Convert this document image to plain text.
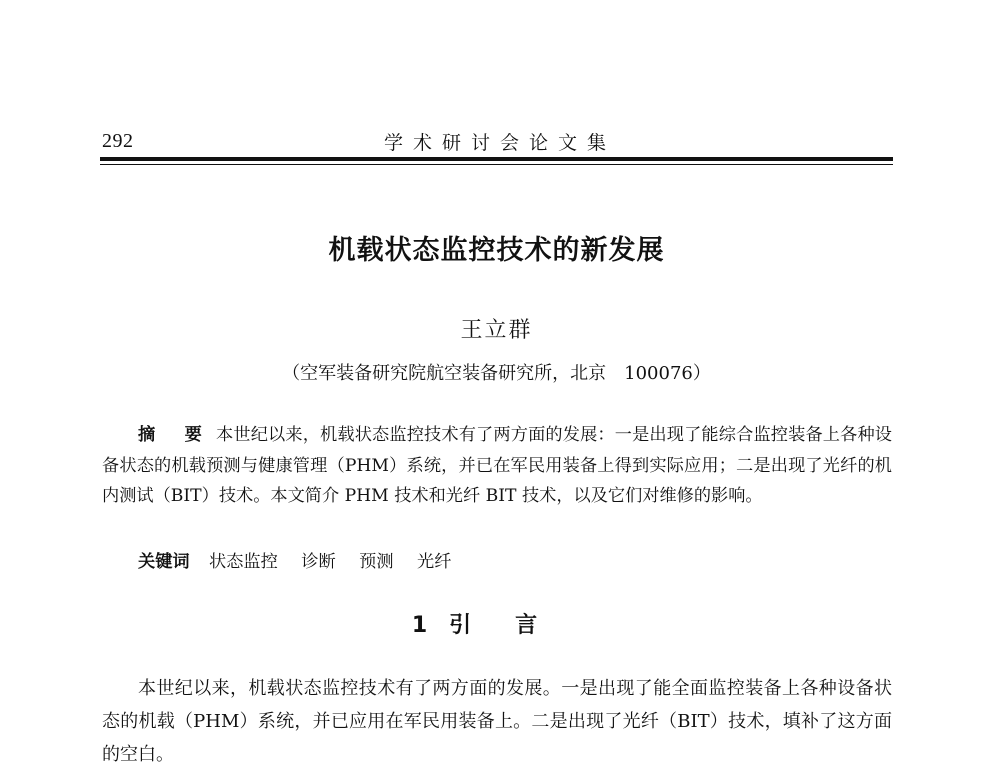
292	学术研讨会论文集
机载状态监控技术的新发展
王立群
（空军装备研究院航空装备研究所，北京　100076）

摘　要 本世纪以来，机载状态监控技术有了两方面的发展：一是出现了能综合监控装备上各种设备状态的机载预测与健康管理（PHM）系统，并已在军民用装备上得到实际应用；二是出现了光纤的机内测试（BIT）技术。本文简介 PHM 技术和光纤 BIT 技术，以及它们对维修的影响。

关键词 状态监控 诊断 预测 光纤

1 引言

本世纪以来，机载状态监控技术有了两方面的发展。一是出现了能全面监控装备上各种设备状态的机载（PHM）系统，并已应用在军民用装备上。二是出现了光纤（BIT）技术，填补了这方面的空白。
